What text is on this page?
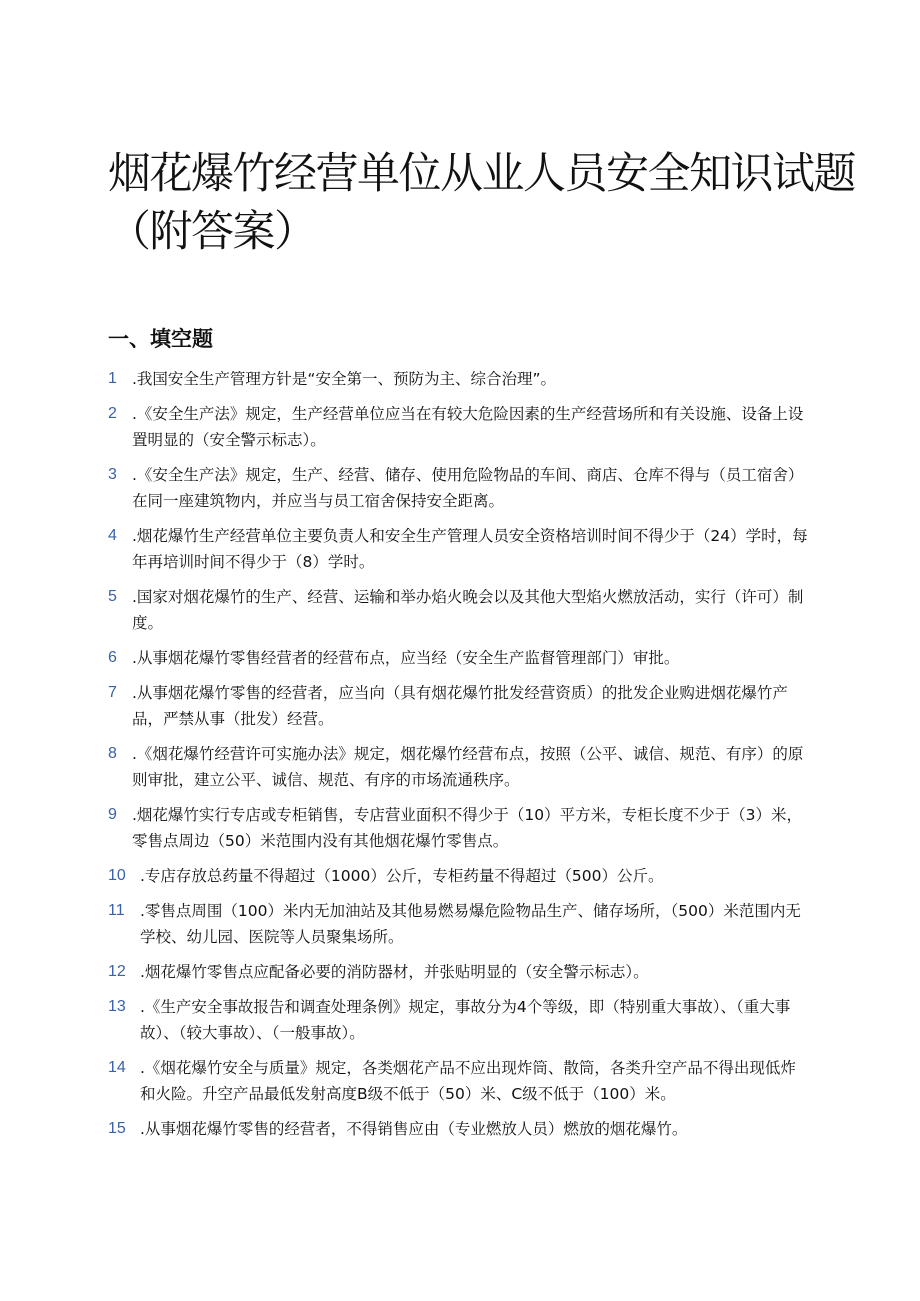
烟花爆竹经营单位从业人员安全知识试题
（附答案）
一、填空题
1 .我国安全生产管理方针是“安全第一、预防为主、综合治理”。
2 .《安全生产法》规定，生产经营单位应当在有较大危险因素的生产经营场所和有关设施、设备上设置明显的（安全警示标志）。
3 .《安全生产法》规定，生产、经营、储存、使用危险物品的车间、商店、仓库不得与（员工宿舍）在同一座建筑物内，并应当与员工宿舍保持安全距离。
4 .烟花爆竹生产经营单位主要负责人和安全生产管理人员安全资格培训时间不得少于（24）学时，每年再培训时间不得少于（8）学时。
5 .国家对烟花爆竹的生产、经营、运输和举办焰火晚会以及其他大型焰火燃放活动，实行（许可）制度。
6 .从事烟花爆竹零售经营者的经营布点，应当经（安全生产监督管理部门）审批。
7 .从事烟花爆竹零售的经营者，应当向（具有烟花爆竹批发经营资质）的批发企业购进烟花爆竹产品，严禁从事（批发）经营。
8 .《烟花爆竹经营许可实施办法》规定，烟花爆竹经营布点，按照（公平、诚信、规范、有序）的原则审批，建立公平、诚信、规范、有序的市场流通秩序。
9 .烟花爆竹实行专店或专柜销售，专店营业面积不得少于（10）平方米，专柜长度不少于（3）米，零售点周边（50）米范围内没有其他烟花爆竹零售点。
10 .专店存放总药量不得超过（1000）公斤，专柜药量不得超过（500）公斤。
11 .零售点周围（100）米内无加油站及其他易燃易爆危险物品生产、储存场所，（500）米范围内无学校、幼儿园、医院等人员聚集场所。
12 .烟花爆竹零售点应配备必要的消防器材，并张贴明显的（安全警示标志）。
13 .《生产安全事故报告和调查处理条例》规定，事故分为4个等级，即（特别重大事故）、（重大事故）、（较大事故）、（一般事故）。
14 .《烟花爆竹安全与质量》规定，各类烟花产品不应出现炸筒、散筒，各类升空产品不得出现低炸和火险。升空产品最低发射高度B级不低于（50）米、C级不低于（100）米。
15 .从事烟花爆竹零售的经营者，不得销售应由（专业燃放人员）燃放的烟花爆竹。
